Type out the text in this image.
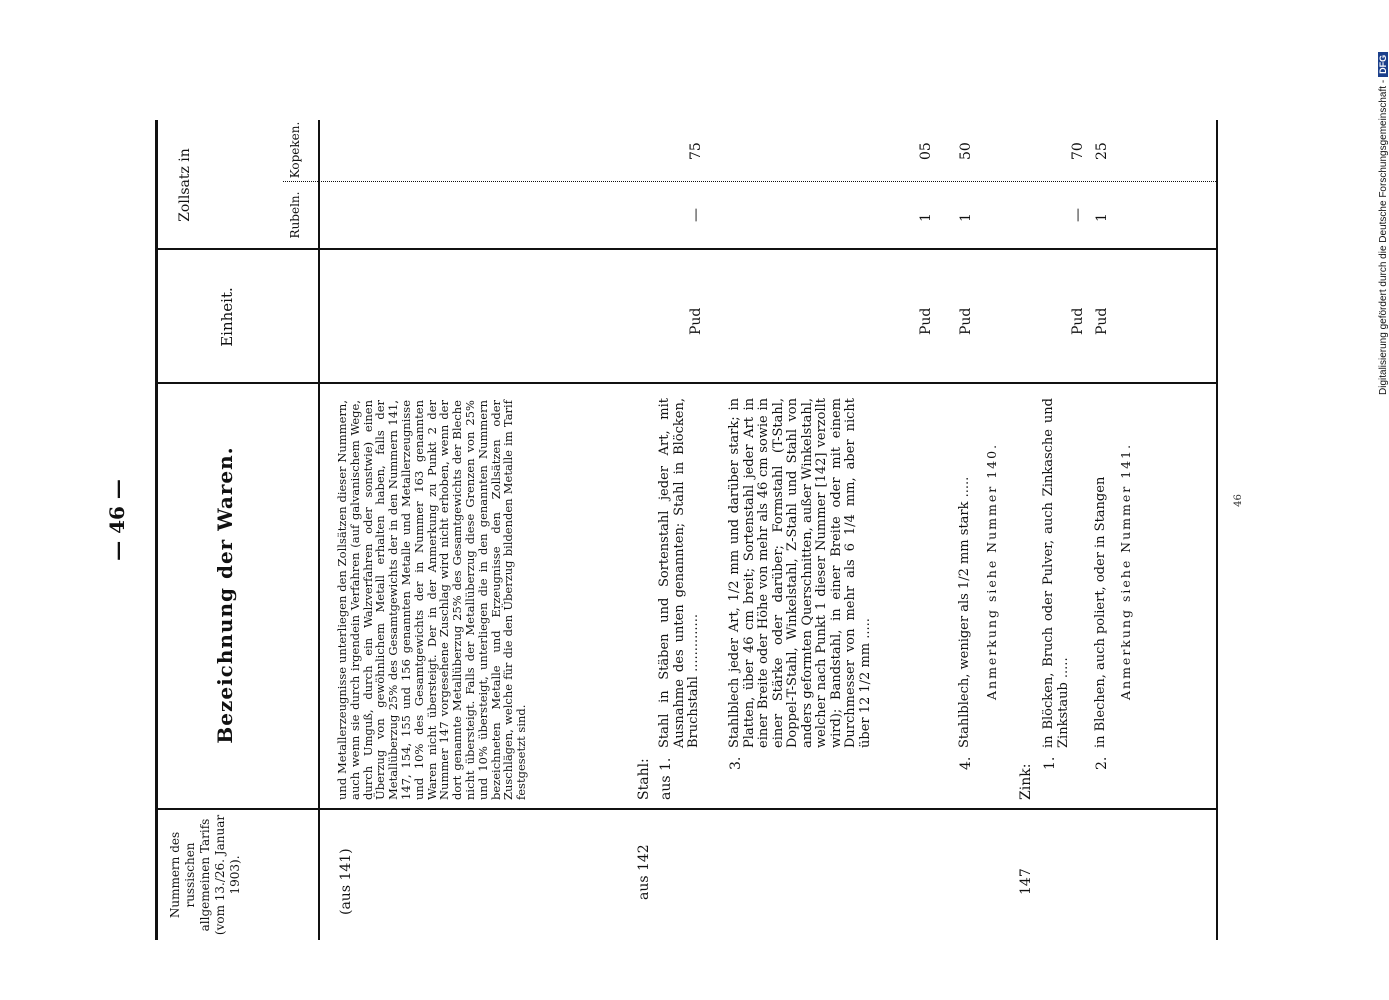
— 46 —
Nummern des russischen allgemeinen Tarifs (vom 13./26. Januar 1903).
Bezeichnung der Waren.
Einheit.
Zollsatz in	Rubeln.
Kopeken.
(aus 141)
und Metallerzeugnisse unterliegen den Zollsätzen dieser Nummern, auch wenn sie durch irgendein Verfahren (auf galvanischem Wege, durch Umguß, durch ein Walzverfahren oder sonstwie) einen Überzug von gewöhnlichem Metall erhalten haben, falls der Metallüberzug 25% des Gesamtgewichts der in den Nummern 141, 147, 154, 155 und 156 genannten Metalle und Metallerzeugnisse und 10% des Gesamtgewichts der in Nummer 163 genannten Waren nicht übersteigt. Der in der Anmerkung zu Punkt 2 der Nummer 147 vorgesehene Zuschlag wird nicht erhoben, wenn der dort genannte Metallüberzug 25% des Gesamtgewichts der Bleche nicht übersteigt. Falls der Metallüberzug diese Grenzen von 25% und 10% übersteigt, unterliegen die in den genannten Nummern bezeichneten Metalle und Erzeugnisse den Zollsätzen oder Zuschlägen, welche für die den Überzug bildenden Metalle im Tarif festgesetzt sind.
aus 142
Stahl: aus 1.
Stahl in Stäben und Sortenstahl jeder Art, mit Ausnahme des unten genannten; Stahl in Blöcken, Bruchstahl ..............
Pud
—
75
3.
Stahlblech jeder Art, 1/2 mm und darüber stark; in Platten, über 46 cm breit; Sortenstahl jeder Art in einer Breite oder Höhe von mehr als 46 cm sowie in einer Stärke oder darüber; Formstahl (T-Stahl, Doppel-T-Stahl, Winkelstahl, Z-Stahl und Stahl von anders geformten Querschnitten, außer Winkelstahl, welcher nach Punkt 1 dieser Nummer [142] verzollt wird); Bandstahl, in einer Breite oder mit einem Durchmesser von mehr als 6 1/4 mm, aber nicht über 12 1/2 mm .....
Pud
1
05
4.
Stahlblech, weniger als 1/2 mm stark ..... Anmerkung siehe Nummer 140.
Pud
1
50
147
Zink:
1.
in Blöcken, Bruch oder Pulver, auch Zinkasche und Zinkstaub .....
Pud
—
70
2.
in Blechen, auch poliert, oder in Stangen Anmerkung siehe Nummer 141.
Pud
1
25
46
Digitalisierung gefördert durch die Deutsche Forschungsgemeinschaft -DFG
